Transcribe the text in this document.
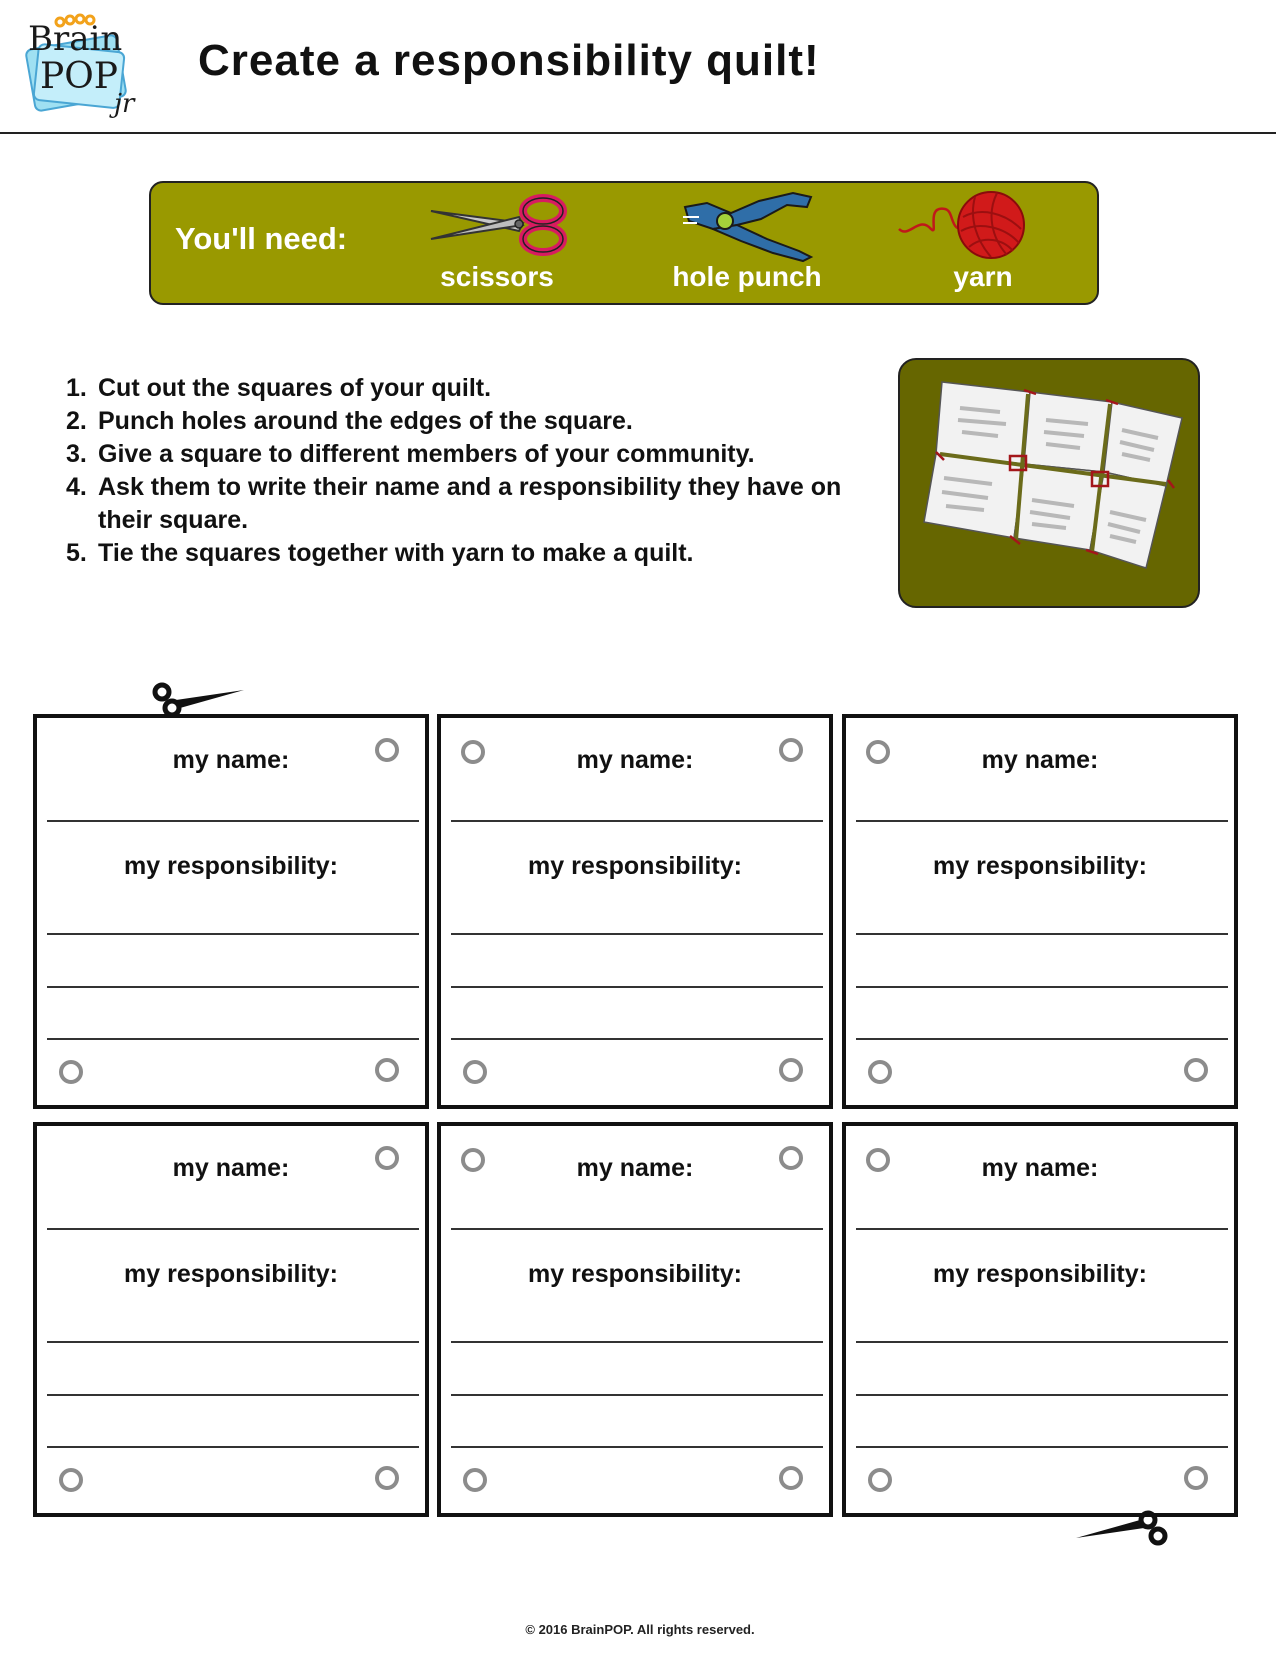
Brain
POP
jr
Create a responsibility quilt!
You'll need:
scissors	hole punch	yarn
1. Cut out the squares of your quilt.
2. Punch holes around the edges of the square.
3. Give a square to different members of your community.
4. Ask them to write their name and a responsibility they have on their square.
5. Tie the squares together with yarn to make a quilt.
my name:
my responsibility:
my name:
my responsibility:
my name:
my responsibility:
my name:
my responsibility:
my name:
my responsibility:
my name:
my responsibility:
© 2016 BrainPOP. All rights reserved.
